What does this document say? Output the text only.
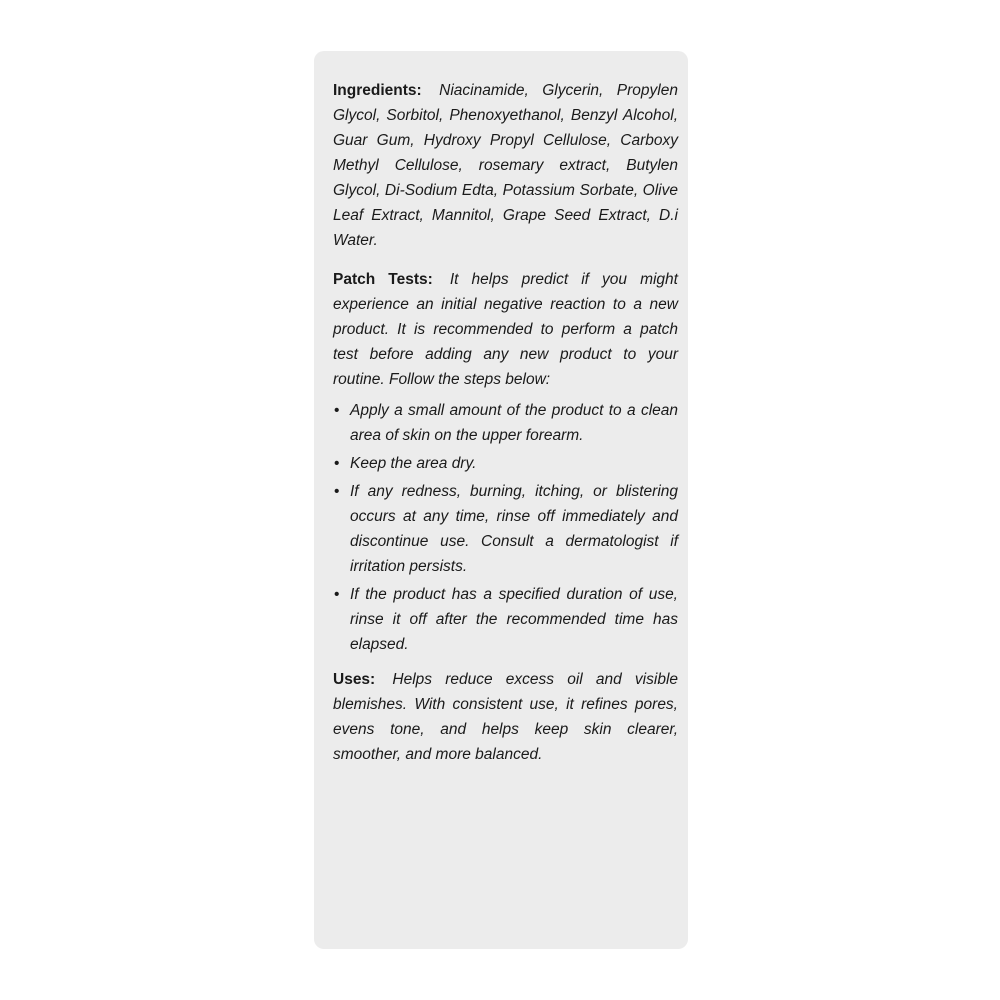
Ingredients: Niacinamide, Glycerin, Propylen Glycol, Sorbitol, Phenoxyethanol, Benzyl Alcohol, Guar Gum, Hydroxy Propyl Cellulose, Carboxy Methyl Cellulose, rosemary extract, Butylen Glycol, Di-Sodium Edta, Potassium Sorbate, Olive Leaf Extract, Mannitol, Grape Seed Extract, D.i Water.

Patch Tests: It helps predict if you might experience an initial negative reaction to a new product. It is recommended to perform a patch test before adding any new product to your routine. Follow the steps below:

• Apply a small amount of the product to a clean area of skin on the upper forearm.
• Keep the area dry.
• If any redness, burning, itching, or blistering occurs at any time, rinse off immediately and discontinue use. Consult a dermatologist if irritation persists.
• If the product has a specified duration of use, rinse it off after the recommended time has elapsed.

Uses: Helps reduce excess oil and visible blemishes. With consistent use, it refines pores, evens tone, and helps keep skin clearer, smoother, and more balanced.
